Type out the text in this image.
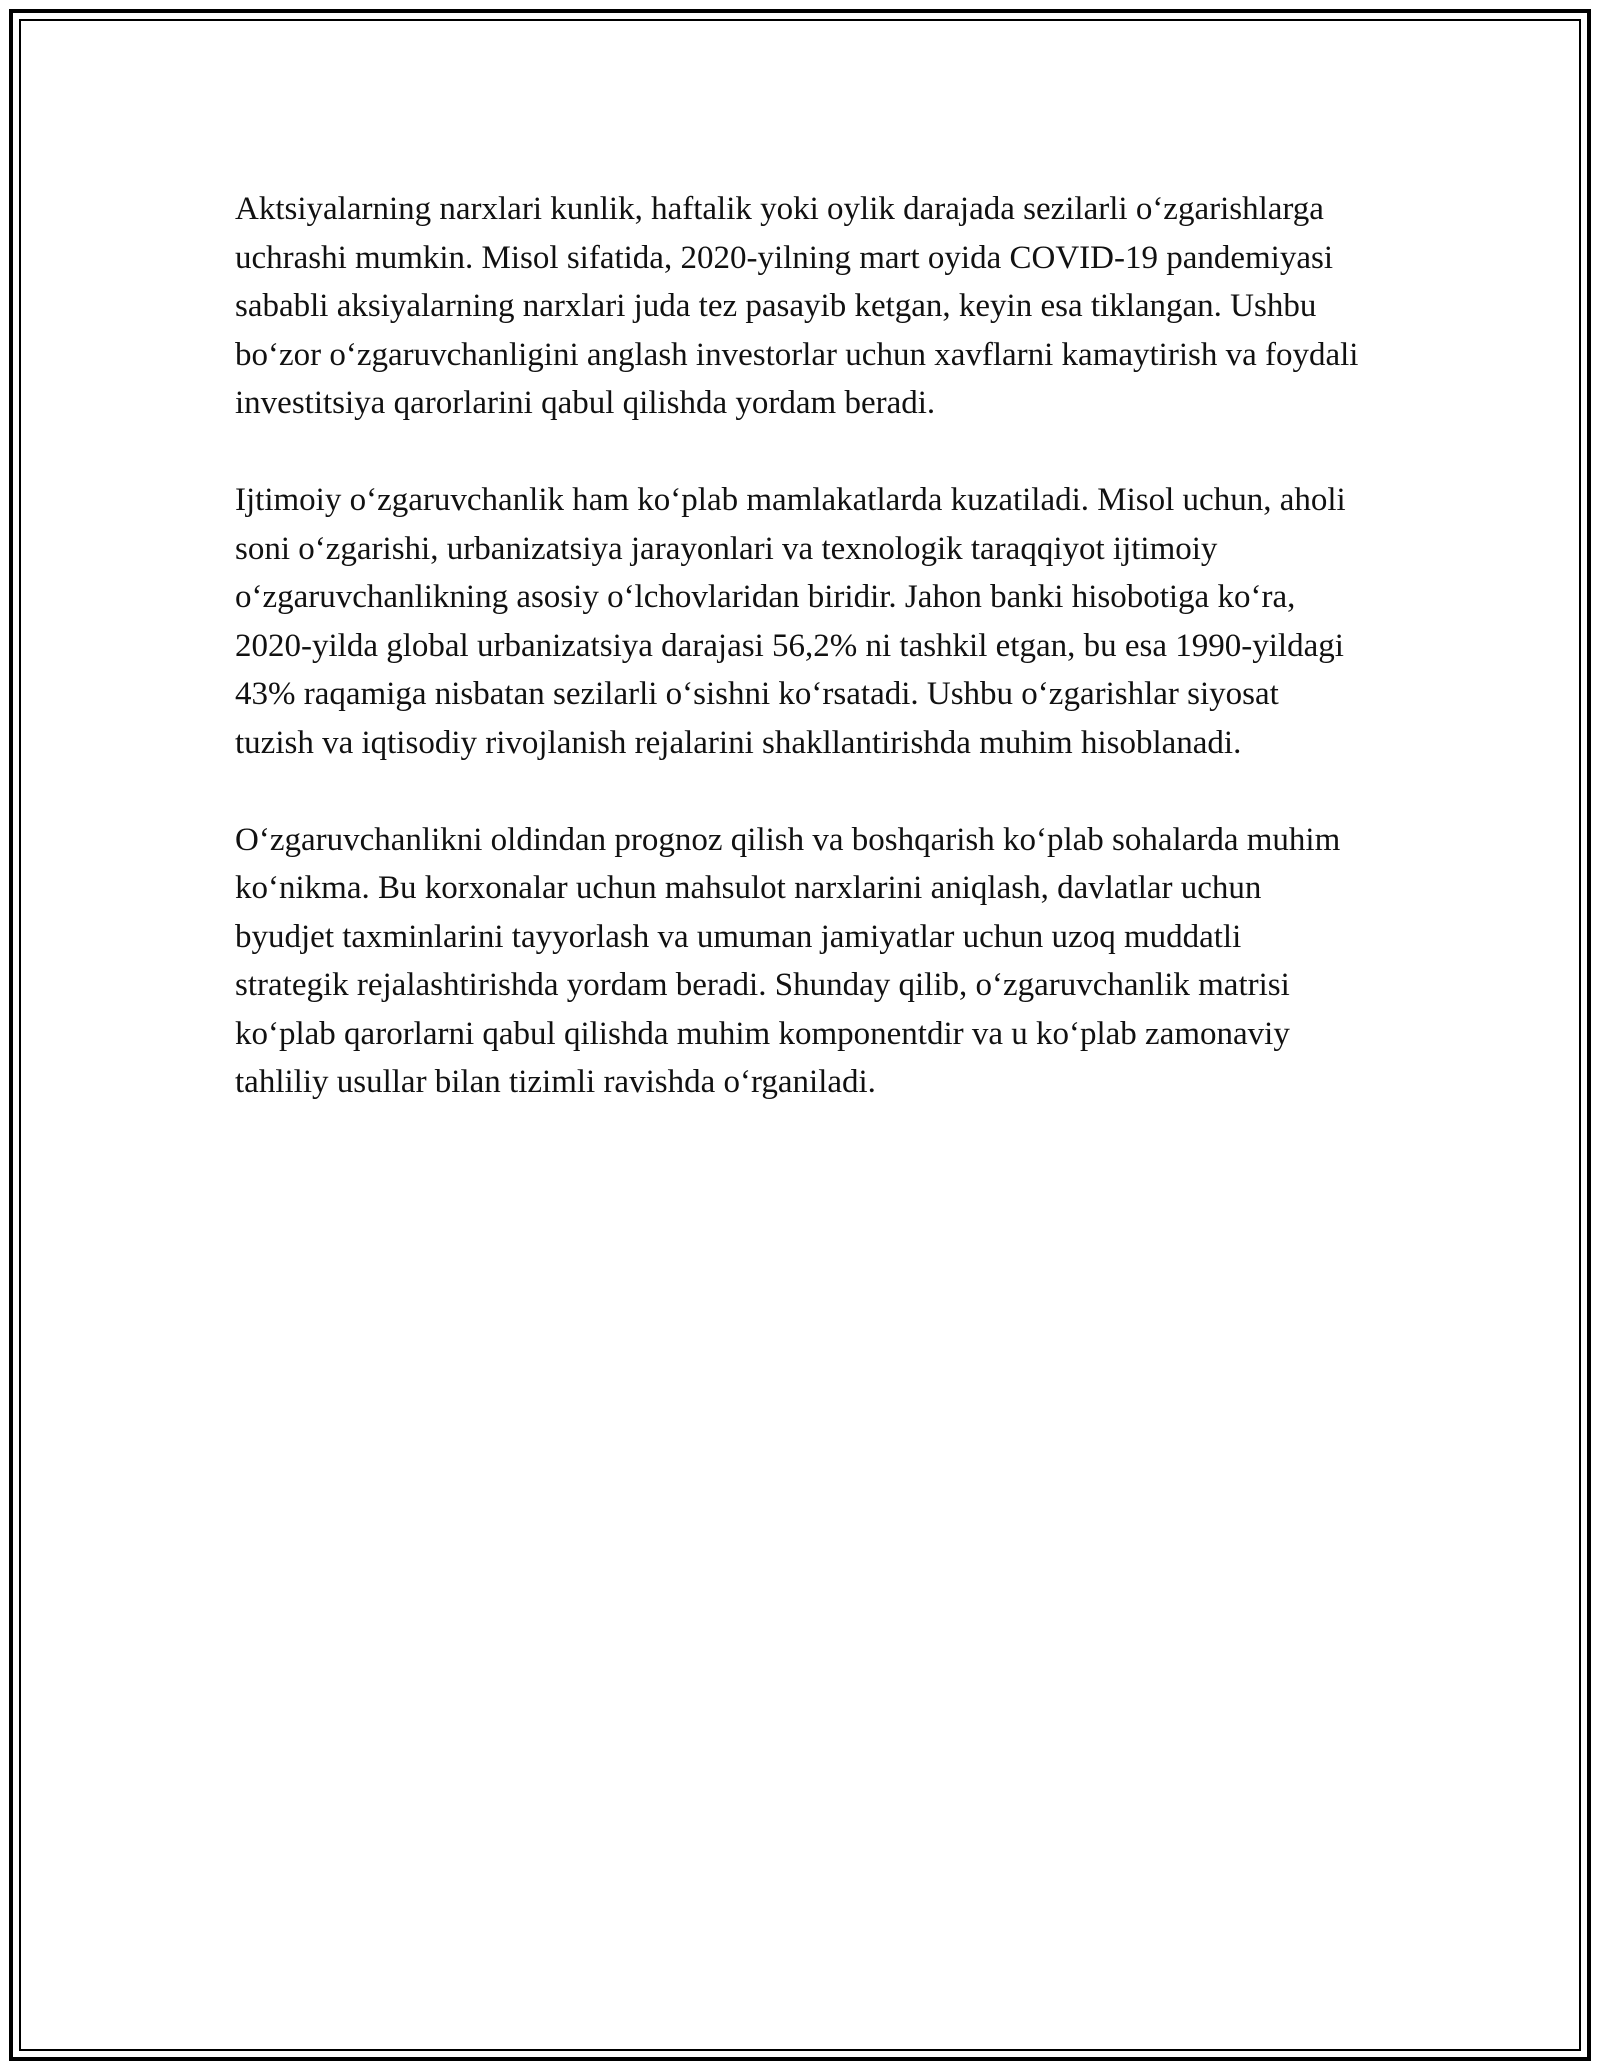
Aktsiyalarning narxlari kunlik, haftalik yoki oylik darajada sezilarli o‘zgarishlarga uchrashi mumkin. Misol sifatida, 2020-yilning mart oyida COVID-19 pandemiyasi sababli aksiyalarning narxlari juda tez pasayib ketgan, keyin esa tiklangan. Ushbu bo‘zor o‘zgaruvchanligini anglash investorlar uchun xavflarni kamaytirish va foydali investitsiya qarorlarini qabul qilishda yordam beradi.

Ijtimoiy o‘zgaruvchanlik ham ko‘plab mamlakatlarda kuzatiladi. Misol uchun, aholi soni o‘zgarishi, urbanizatsiya jarayonlari va texnologik taraqqiyot ijtimoiy o‘zgaruvchanlikning asosiy o‘lchovlaridan biridir. Jahon banki hisobotiga ko‘ra, 2020-yilda global urbanizatsiya darajasi 56,2% ni tashkil etgan, bu esa 1990-yildagi 43% raqamiga nisbatan sezilarli o‘sishni ko‘rsatadi. Ushbu o‘zgarishlar siyosat tuzish va iqtisodiy rivojlanish rejalarini shakllantirishda muhim hisoblanadi.

O‘zgaruvchanlikni oldindan prognoz qilish va boshqarish ko‘plab sohalarda muhim ko‘nikma. Bu korxonalar uchun mahsulot narxlarini aniqlash, davlatlar uchun byudjet taxminlarini tayyorlash va umuman jamiyatlar uchun uzoq muddatli strategik rejalashtirishda yordam beradi. Shunday qilib, o‘zgaruvchanlik matrisi ko‘plab qarorlarni qabul qilishda muhim komponentdir va u ko‘plab zamonaviy tahliliy usullar bilan tizimli ravishda o‘rganiladi.
